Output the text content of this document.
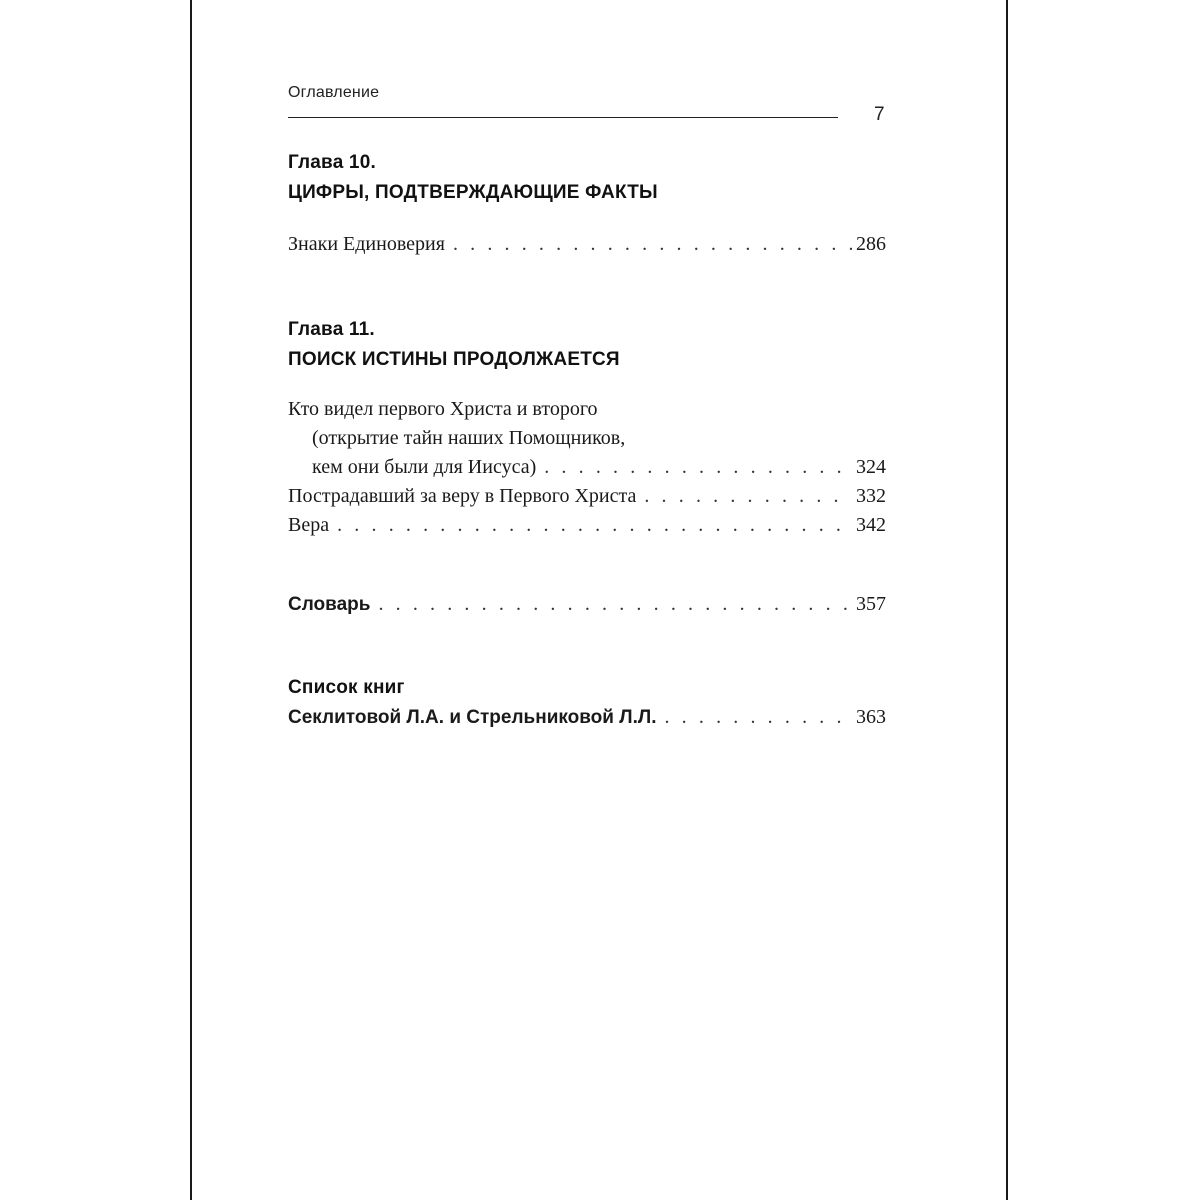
Оглавление
7
Глава 10.
ЦИФРЫ, ПОДТВЕРЖДАЮЩИЕ ФАКТЫ
Знаки Единоверия . . .	286
Глава 11.
ПОИСК ИСТИНЫ ПРОДОЛЖАЕТСЯ
Кто видел первого Христа и второго
(открытие тайн наших Помощников,
кем они были для Иисуса) . . .	324
Пострадавший за веру в Первого Христа . . .	332
Вера . . .	342
Словарь . . .	357
Список книг
Секлитовой Л.А. и Стрельниковой Л.Л. . . .	363
